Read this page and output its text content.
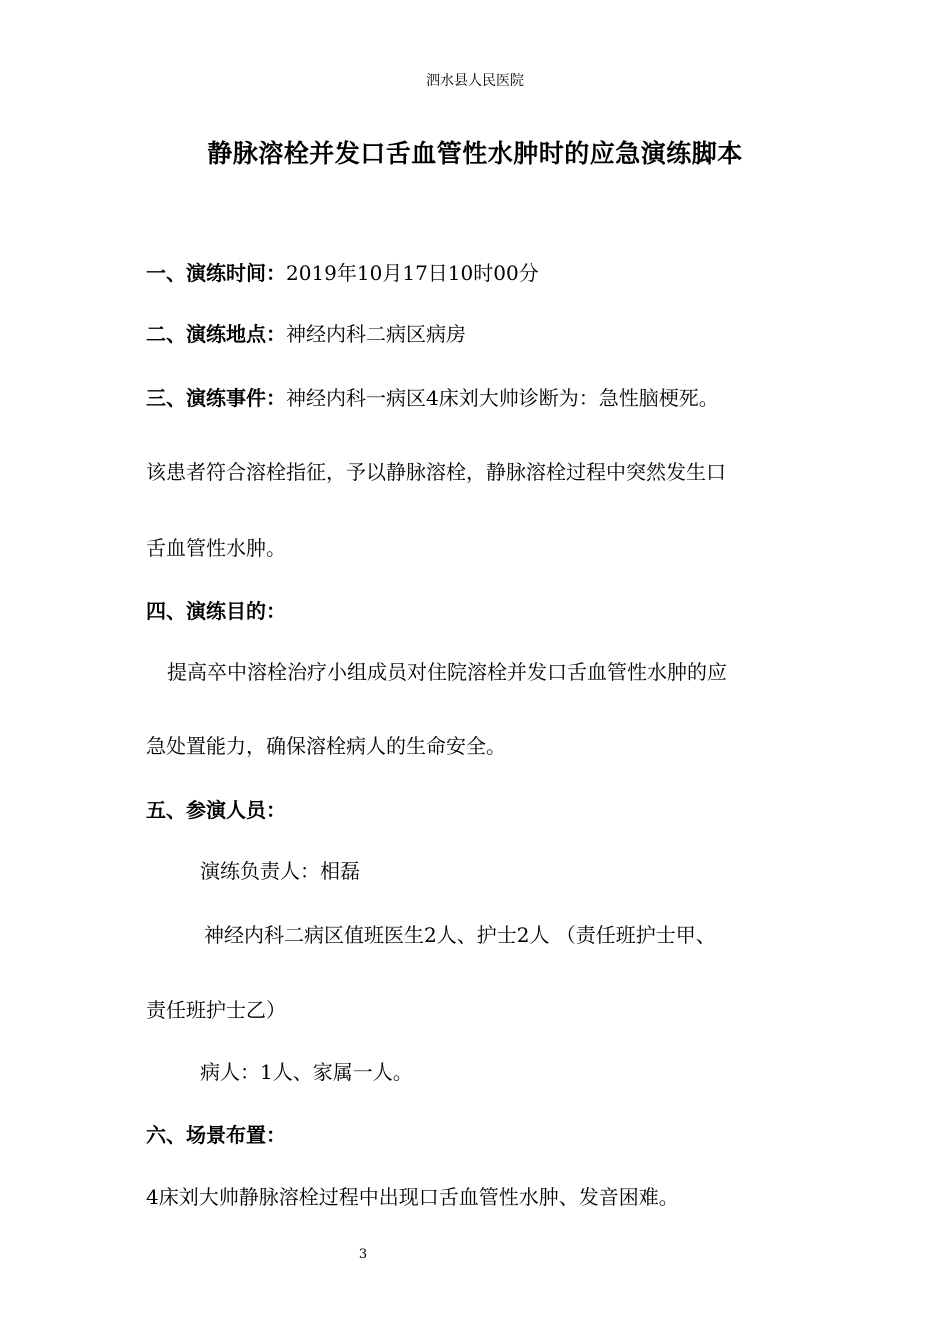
泗水县人民医院
静脉溶栓并发口舌血管性水肿时的应急演练脚本
一、演练时间：2019年10月17日10时00分
二、演练地点：神经内科二病区病房
三、演练事件：神经内科一病区4床刘大帅诊断为：急性脑梗死。
该患者符合溶栓指征，予以静脉溶栓，静脉溶栓过程中突然发生口
舌血管性水肿。
四、演练目的：
提高卒中溶栓治疗小组成员对住院溶栓并发口舌血管性水肿的应
急处置能力，确保溶栓病人的生命安全。
五、参演人员：
演练负责人：相磊
神经内科二病区值班医生2人、护士2人 （责任班护士甲、
责任班护士乙）
病人：1人、家属一人。
六、场景布置：
4床刘大帅静脉溶栓过程中出现口舌血管性水肿、发音困难。
3
